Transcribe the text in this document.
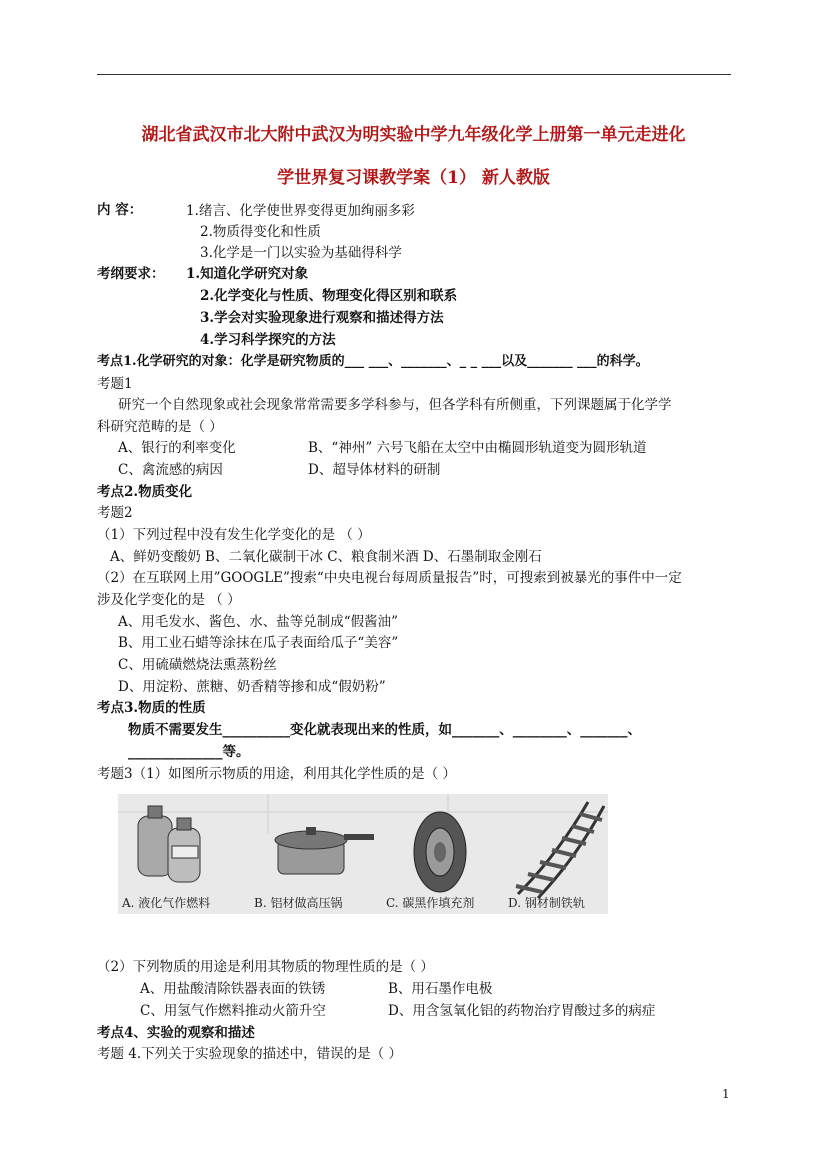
湖北省武汉市北大附中武汉为明实验中学九年级化学上册第一单元走进化
学世界复习课教学案（1） 新人教版
内 容：	1.绪言、化学使世界变得更加绚丽多彩
2.物质得变化和性质
3.化学是一门以实验为基础得科学
考纲要求： 1.知道化学研究对象
2.化学变化与性质、物理变化得区别和联系
3.学会对实验现象进行观察和描述得方法
4.学习科学探究的方法
考点1.化学研究的对象：化学是研究物质的___ ___、_______、_ _ ___以及_______ ___的科学。
考题1
研究一个自然现象或社会现象常常需要多学科参与，但各学科有所侧重，下列课题属于化学学
科研究范畴的是（ ）
A、银行的利率变化	B、“神州” 六号飞船在太空中由椭圆形轨道变为圆形轨道
C、禽流感的病因	D、超导体材料的研制
考点2.物质变化
考题2
（1）下列过程中没有发生化学变化的是 （ ）
A、鲜奶变酸奶 B、二氧化碳制干冰 C、粮食制米酒 D、石墨制取金刚石
（2）在互联网上用”GOOGLE”搜索“中央电视台每周质量报告”时，可搜索到被暴光的事件中一定
涉及化学变化的是 （ ）
A、用毛发水、酱色、水、盐等兑制成“假酱油”
B、用工业石蜡等涂抹在瓜子表面给瓜子“美容”
C、用硫磺燃烧法熏蒸粉丝
D、用淀粉、蔗糖、奶香精等掺和成“假奶粉”
考点3.物质的性质
物质不需要发生__________变化就表现出来的性质，如_______、________、_______、
______________等。
考题3（1）如图所示物质的用途，利用其化学性质的是（ ）
A. 液化气作燃料	B. 铝材做高压锅	C. 碳黑作填充剂	D. 钢材制铁轨
（2）下列物质的用途是利用其物质的物理性质的是（ ）
A、用盐酸清除铁器表面的铁锈	B、用石墨作电极
C、用氢气作燃料推动火箭升空	D、用含氢氧化铝的药物治疗胃酸过多的病症
考点4、实验的观察和描述
考题 4.下列关于实验现象的描述中，错误的是（ ）
1
